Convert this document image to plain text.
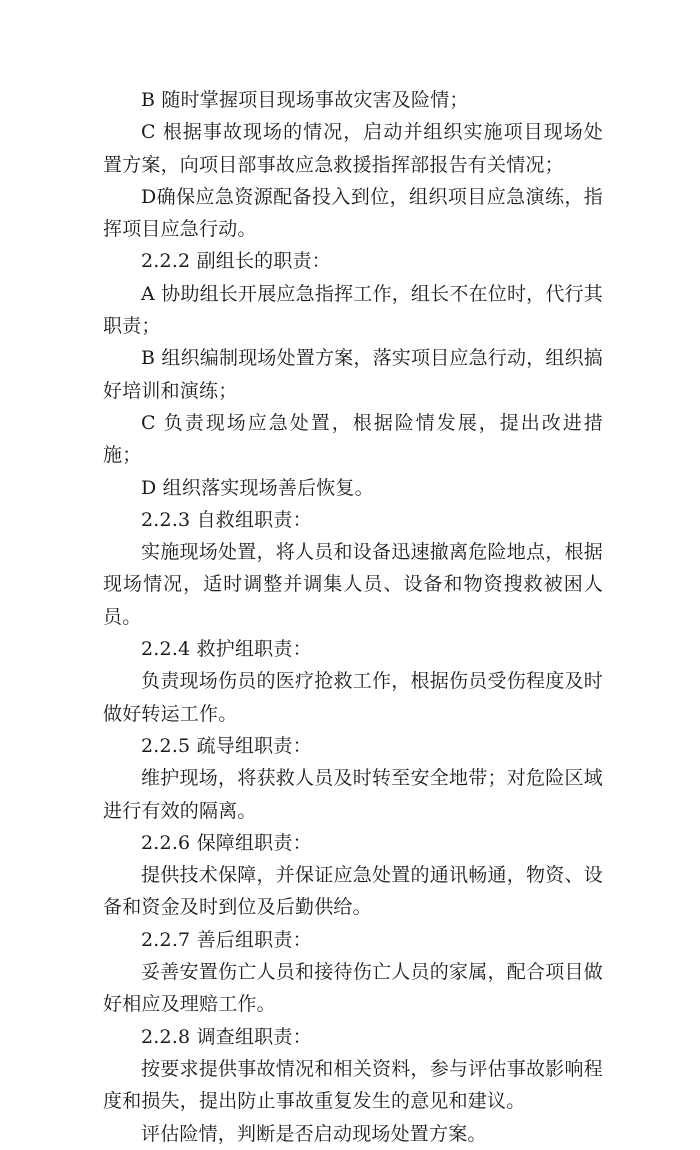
B 随时掌握项目现场事故灾害及险情；

C 根据事故现场的情况，启动并组织实施项目现场处置方案，向项目部事故应急救援指挥部报告有关情况；

D确保应急资源配备投入到位，组织项目应急演练，指挥项目应急行动。

2.2.2 副组长的职责：

A 协助组长开展应急指挥工作，组长不在位时，代行其职责；

B 组织编制现场处置方案，落实项目应急行动，组织搞好培训和演练；

C 负责现场应急处置，根据险情发展，提出改进措施；

D 组织落实现场善后恢复。

2.2.3 自救组职责：

实施现场处置，将人员和设备迅速撤离危险地点，根据现场情况，适时调整并调集人员、设备和物资搜救被困人员。

2.2.4 救护组职责：

负责现场伤员的医疗抢救工作，根据伤员受伤程度及时做好转运工作。

2.2.5 疏导组职责：

维护现场，将获救人员及时转至安全地带；对危险区域进行有效的隔离。

2.2.6 保障组职责：

提供技术保障，并保证应急处置的通讯畅通，物资、设备和资金及时到位及后勤供给。

2.2.7 善后组职责：

妥善安置伤亡人员和接待伤亡人员的家属，配合项目做好相应及理赔工作。

2.2.8 调查组职责：

按要求提供事故情况和相关资料，参与评估事故影响程度和损失，提出防止事故重复发生的意见和建议。

评估险情，判断是否启动现场处置方案。
